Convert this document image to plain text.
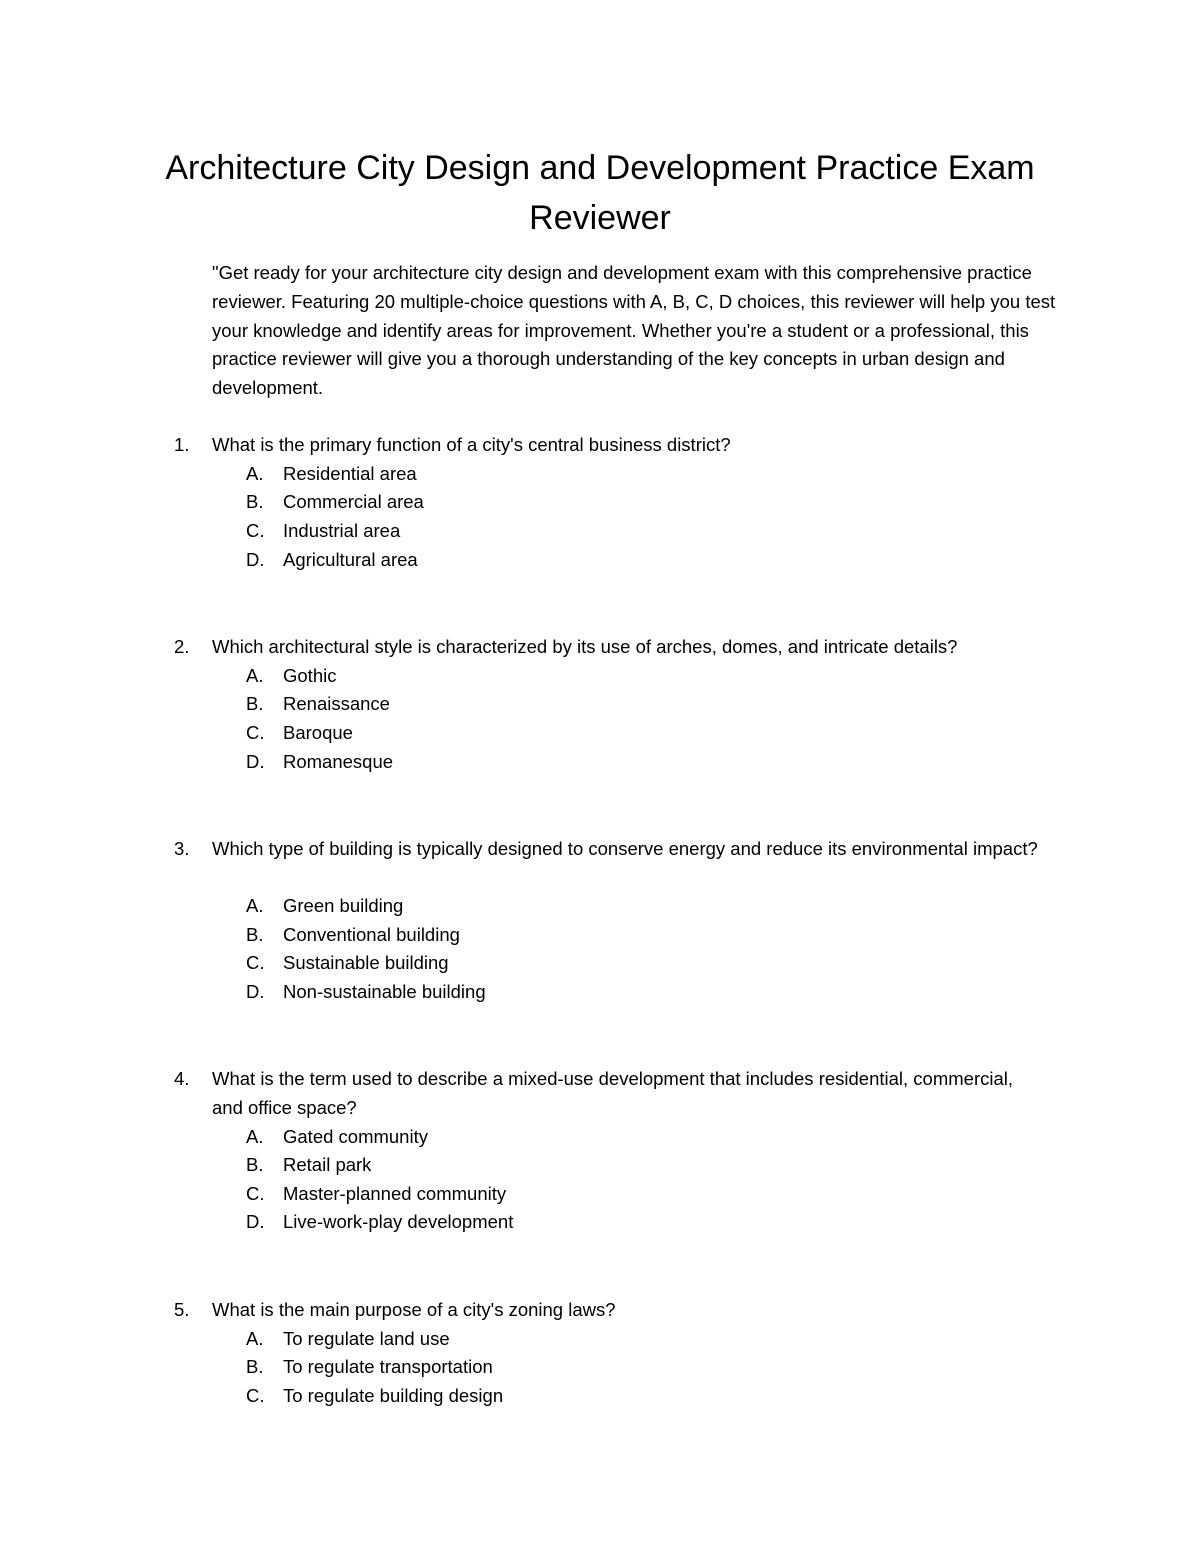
Architecture City Design and Development Practice Exam Reviewer

"Get ready for your architecture city design and development exam with this comprehensive practice reviewer. Featuring 20 multiple-choice questions with A, B, C, D choices, this reviewer will help you test your knowledge and identify areas for improvement. Whether you're a student or a professional, this practice reviewer will give you a thorough understanding of the key concepts in urban design and development.

1. What is the primary function of a city's central business district?
A. Residential area
B. Commercial area
C. Industrial area
D. Agricultural area
2. Which architectural style is characterized by its use of arches, domes, and intricate details?
A. Gothic
B. Renaissance
C. Baroque
D. Romanesque
3. Which type of building is typically designed to conserve energy and reduce its environmental impact?
A. Green building
B. Conventional building
C. Sustainable building
D. Non-sustainable building
4. What is the term used to describe a mixed-use development that includes residential, commercial, and office space?
A. Gated community
B. Retail park
C. Master-planned community
D. Live-work-play development
5. What is the main purpose of a city's zoning laws?
A. To regulate land use
B. To regulate transportation
C. To regulate building design
